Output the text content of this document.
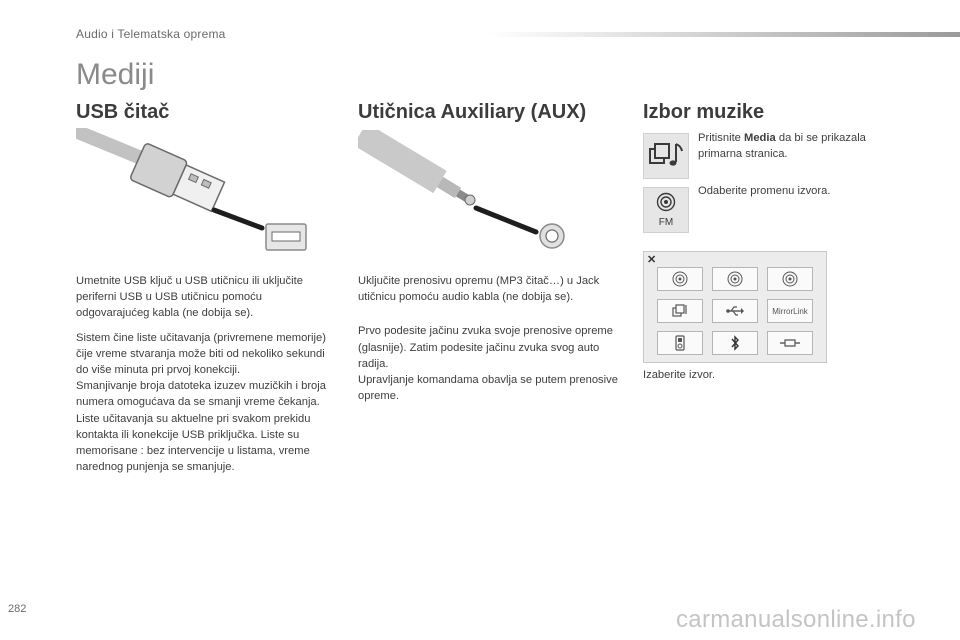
Audio i Telematska oprema
Mediji
USB čitač	Utičnica Auxiliary (AUX)	Izbor muzike

Umetnite USB ključ u USB utičnicu ili uključite periferni USB u USB utičnicu pomoću odgovarajućeg kabla (ne dobija se).

Sistem čine liste učitavanja (privremene memorije) čije vreme stvaranja može biti od nekoliko sekundi do više minuta pri prvoj konekciji.

Smanjivanje broja datoteka izuzev muzičkih i broja numera omogućava da se smanji vreme čekanja.

Liste učitavanja su aktuelne pri svakom prekidu kontakta ili konekcije USB priključka. Liste su memorisane : bez intervencije u listama, vreme narednog punjenja se smanjuje.

Uključite prenosivu opremu (MP3 čitač…) u Jack utičnicu pomoću audio kabla (ne dobija se).

Prvo podesite jačinu zvuka svoje prenosive opreme (glasnije). Zatim podesite jačinu zvuka svog auto radija.

Upravljanje komandama obavlja se putem prenosive opreme.

Pritisnite Media da bi se prikazala primarna stranica.
FM
Odaberite promenu izvora.
✕
MirrorLink
Izaberite izvor.
282	carmanualsonline.info
